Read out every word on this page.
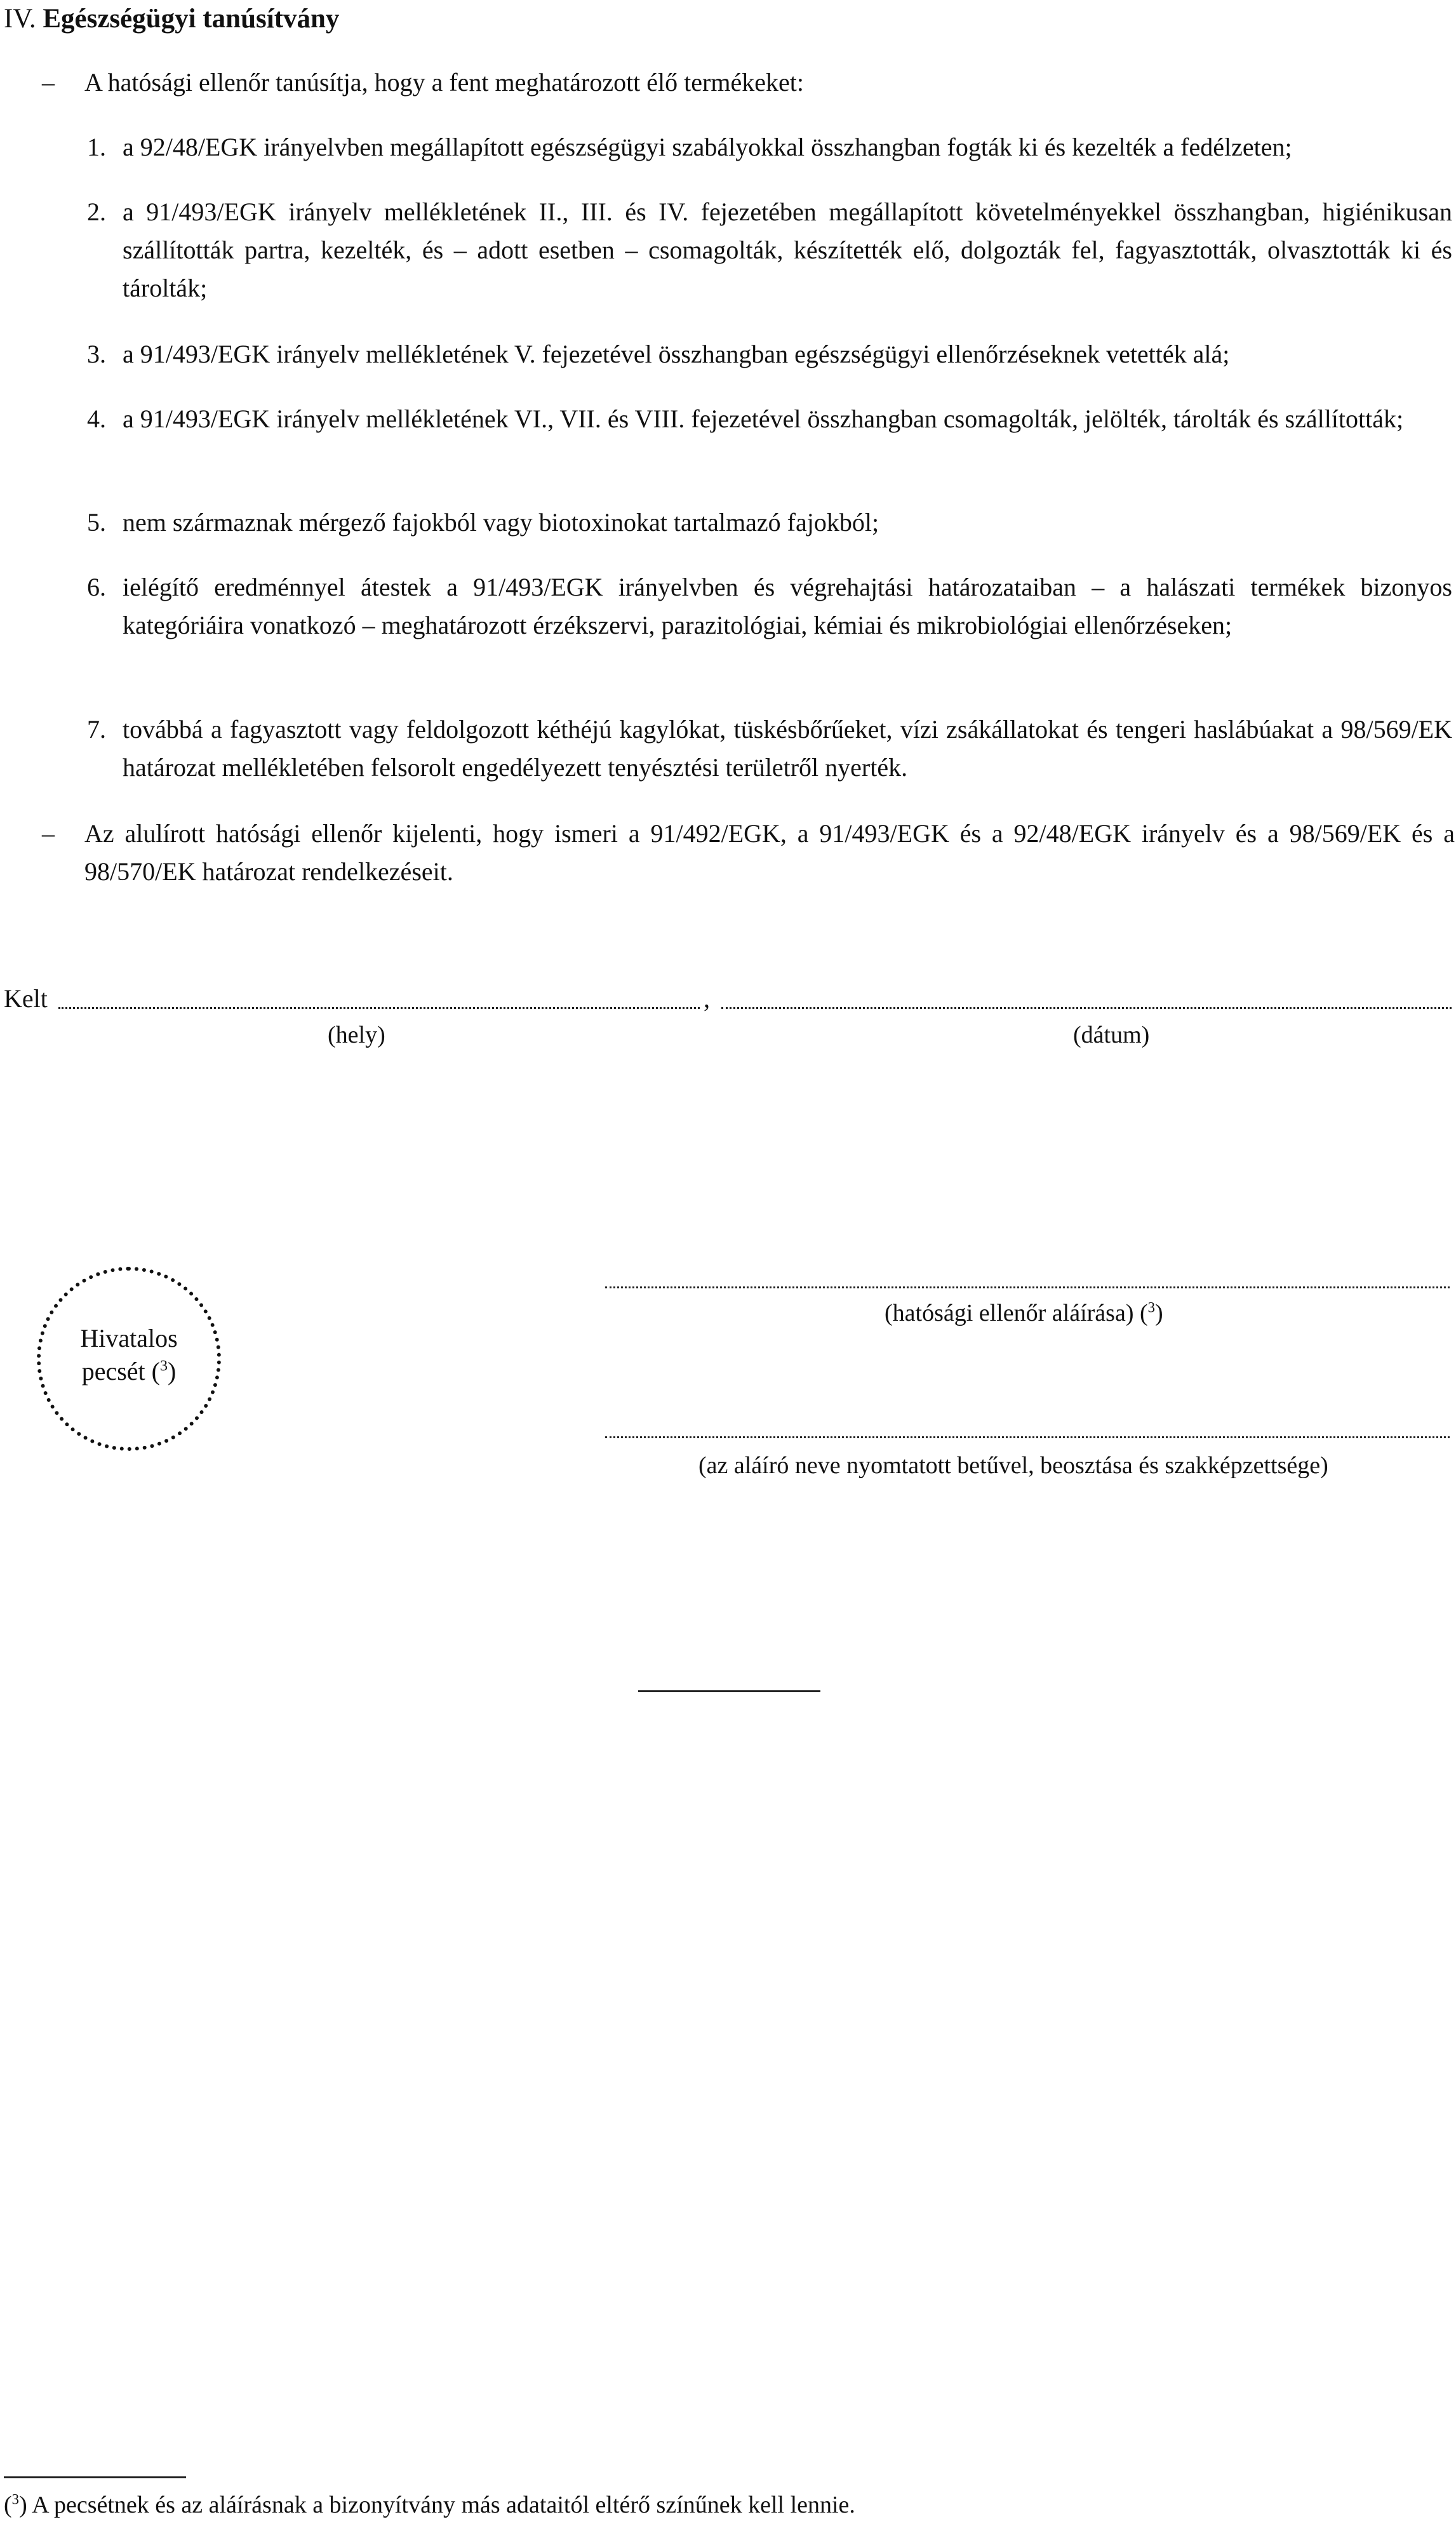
IV. Egészségügyi tanúsítvány
–	A hatósági ellenőr tanúsítja, hogy a fent meghatározott élő termékeket:
1. a 92/48/EGK irányelvben megállapított egészségügyi szabályokkal összhangban fogták ki és kezelték a fedélzeten;
2. a 91/493/EGK irányelv mellékletének II., III. és IV. fejezetében megállapított követelményekkel összhangban, higiénikusan szállították partra, kezelték, és – adott esetben – csomagolták, készítették elő, dolgozták fel, fagyasztották, olvasztották ki és tárolták;
3. a 91/493/EGK irányelv mellékletének V. fejezetével összhangban egészségügyi ellenőrzéseknek vetették alá;
4. a 91/493/EGK irányelv mellékletének VI., VII. és VIII. fejezetével összhangban csomagolták, jelölték, tárolták és szállították;
5. nem származnak mérgező fajokból vagy biotoxinokat tartalmazó fajokból;
6. ielégítő eredménnyel átestek a 91/493/EGK irányelvben és végrehajtási határozataiban – a halászati termékek bizonyos kategóriáira vonatkozó – meghatározott érzékszervi, parazitológiai, kémiai és mikrobiológiai ellenőrzéseken;
7. továbbá a fagyasztott vagy feldolgozott kéthéjú kagylókat, tüskésbőrűeket, vízi zsákállatokat és tengeri haslábúakat a 98/569/EK határozat mellékletében felsorolt engedélyezett tenyésztési területről nyerték.
–	Az alulírott hatósági ellenőr kijelenti, hogy ismeri a 91/492/EGK, a 91/493/EGK és a 92/48/EGK irányelv és a 98/569/EK és a 98/570/EK határozat rendelkezéseit.
Kelt	,
(hely)	(dátum)
Hivatalos
pecsét ($^3$)
(hatósági ellenőr aláírása) ($^3$)
(az aláíró neve nyomtatott betűvel, beosztása és szakképzettsége)
($^3$) A pecsétnek és az aláírásnak a bizonyítvány más adataitól eltérő színűnek kell lennie.
